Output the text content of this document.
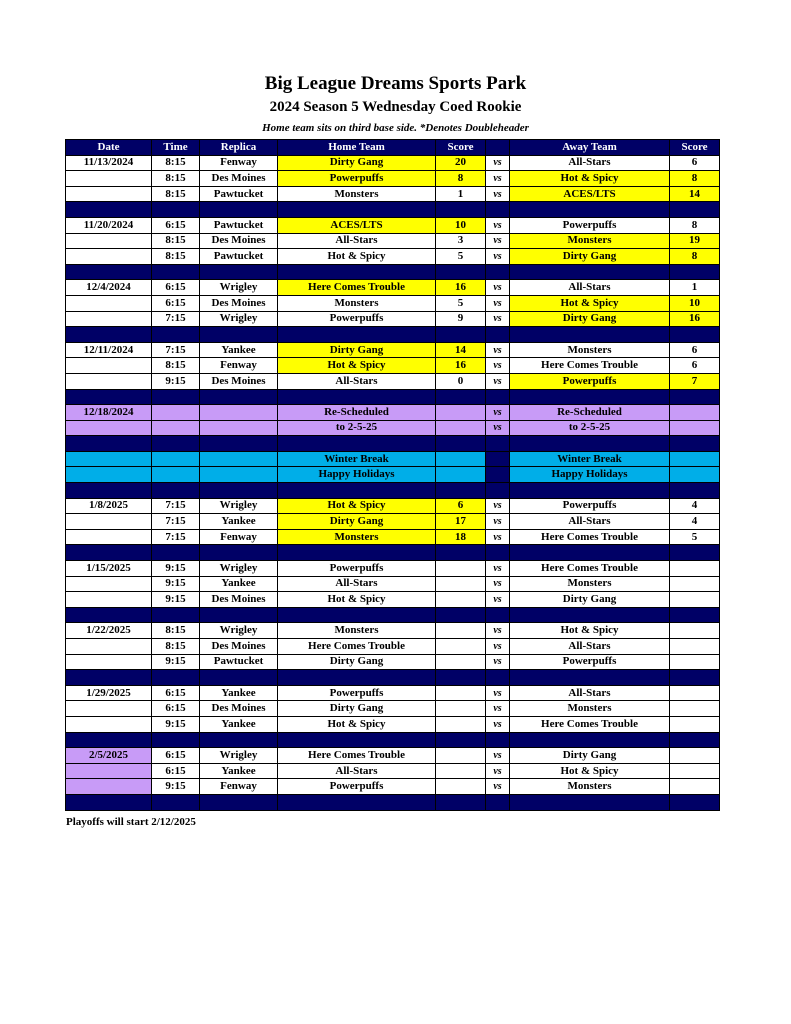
Big League Dreams Sports Park
2024 Season 5 Wednesday Coed Rookie
Home team sits on third base side. *Denotes Doubleheader
Date	Time	Replica	Home Team	Score		Away Team	Score
11/13/2024	8:15	Fenway	Dirty Gang	20	vs	All-Stars	6
	8:15	Des Moines	Powerpuffs	8	vs	Hot & Spicy	8
	8:15	Pawtucket	Monsters	1	vs	ACES/LTS	14

11/20/2024	6:15	Pawtucket	ACES/LTS	10	vs	Powerpuffs	8
	8:15	Des Moines	All-Stars	3	vs	Monsters	19
	8:15	Pawtucket	Hot & Spicy	5	vs	Dirty Gang	8

12/4/2024	6:15	Wrigley	Here Comes Trouble	16	vs	All-Stars	1
	6:15	Des Moines	Monsters	5	vs	Hot & Spicy	10
	7:15	Wrigley	Powerpuffs	9	vs	Dirty Gang	16

12/11/2024	7:15	Yankee	Dirty Gang	14	vs	Monsters	6
	8:15	Fenway	Hot & Spicy	16	vs	Here Comes Trouble	6
	9:15	Des Moines	All-Stars	0	vs	Powerpuffs	7

12/18/2024			Re-Scheduled		vs	Re-Scheduled	
			to 2-5-25		vs	to 2-5-25	

			Winter Break			Winter Break	
			Happy Holidays			Happy Holidays	

1/8/2025	7:15	Wrigley	Hot & Spicy	6	vs	Powerpuffs	4
	7:15	Yankee	Dirty Gang	17	vs	All-Stars	4
	7:15	Fenway	Monsters	18	vs	Here Comes Trouble	5

1/15/2025	9:15	Wrigley	Powerpuffs		vs	Here Comes Trouble	
	9:15	Yankee	All-Stars		vs	Monsters	
	9:15	Des Moines	Hot & Spicy		vs	Dirty Gang	

1/22/2025	8:15	Wrigley	Monsters		vs	Hot & Spicy	
	8:15	Des Moines	Here Comes Trouble		vs	All-Stars	
	9:15	Pawtucket	Dirty Gang		vs	Powerpuffs	

1/29/2025	6:15	Yankee	Powerpuffs		vs	All-Stars	
	6:15	Des Moines	Dirty Gang		vs	Monsters	
	9:15	Yankee	Hot & Spicy		vs	Here Comes Trouble	

2/5/2025	6:15	Wrigley	Here Comes Trouble		vs	Dirty Gang	
	6:15	Yankee	All-Stars		vs	Hot & Spicy	
	9:15	Fenway	Powerpuffs		vs	Monsters	

Playoffs will start 2/12/2025
